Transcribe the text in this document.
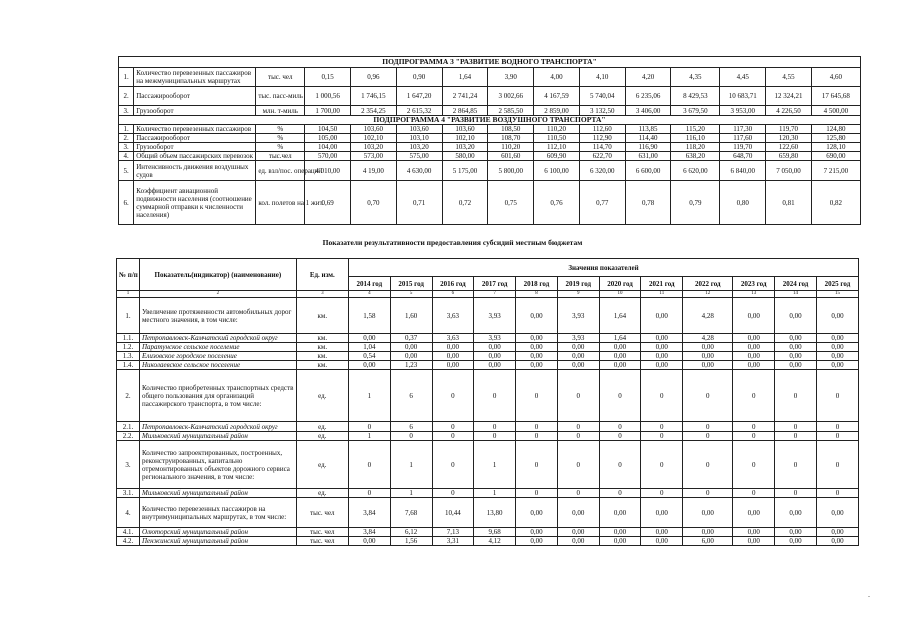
ПОДПРОГРАММА 3 "РАЗВИТИЕ ВОДНОГО ТРАНСПОРТА"														
1.	Количество перевезенных пассажиров на межмуниципальных маршрутах	тыс. чел	0,15	0,96	0,90	1,64	3,90	4,00	4,10	4,20	4,35	4,45	4,55	4,60
2.	Пассажирооборот	тыс. пасс-миль	1 000,56	1 746,15	1 647,20	2 741,24	3 002,66	4 167,59	5 740,04	6 235,06	8 429,53	10 683,71	12 324,21	17 645,68
3.	Грузооборот	млн. т-миль	1 700,00	2 354,25	2 615,32	2 864,85	2 585,50	2 859,00	3 132,50	3 406,00	3 679,50	3 953,00	4 226,50	4 500,00
ПОДПРОГРАММА 4 "РАЗВИТИЕ ВОЗДУШНОГО ТРАНСПОРТА"														
1.	Количество перевезенных пассажиров	%	104,50	103,60	103,60	103,60	108,50	110,20	112,60	113,85	115,20	117,30	119,70	124,80
2.	Пассажирооборот	%	105,00	102,10	103,10	102,10	108,70	110,50	112,90	114,40	116,10	117,60	120,30	125,80
3.	Грузооборот	%	104,00	103,20	103,20	103,20	110,20	112,10	114,70	116,90	118,20	119,70	122,60	128,10
4.	Общий объем пассажирских перевозок	тыс.чел	570,00	573,00	575,00	580,00	601,60	609,90	622,70	631,00	638,20	648,70	659,80	690,00
5.	Интенсивность движения воздушных судов	ед. взл/пос. операций	4 010,00	4 19,00	4 630,00	5 175,00	5 800,00	6 100,00	6 320,00	6 600,00	6 620,00	6 840,00	7 050,00	7 215,00
6.	Коэффициент авиационной подвижности населения (соотношение суммарной отправки к численности населения)	кол. полетов на 1 жит.	0,69	0,70	0,71	0,72	0,75	0,76	0,77	0,78	0,79	0,80	0,81	0,82
Показатели результативности предоставления субсидий местным бюджетам
№ п/п	Показатель(индикатор) (наименование)	Ед. изм.	Значения показателей											
			2014 год	2015 год	2016 год	2017 год	2018 год	2019 год	2020 год	2021 год	2022 год	2023 год	2024 год	2025 год
1	2	3	4	5	6	7	8	9	10	11	12	13	14	15
1.	Увеличение протяженности автомобильных дорог местного значения, в том числе:	км.	1,58	1,60	3,63	3,93	0,00	3,93	1,64	0,00	4,28	0,00	0,00	0,00
1.1.	Петропавловск-Камчатский городской округ	км.	0,00	0,37	3,63	3,93	0,00	3,93	1,64	0,00	4,28	0,00	0,00	0,00
1.2.	Паратунское сельское поселение	км.	1,04	0,00	0,00	0,00	0,00	0,00	0,00	0,00	0,00	0,00	0,00	0,00
1.3.	Елизовское городское поселение	км.	0,54	0,00	0,00	0,00	0,00	0,00	0,00	0,00	0,00	0,00	0,00	0,00
1.4.	Николаевское сельское поселение	км.	0,00	1,23	0,00	0,00	0,00	0,00	0,00	0,00	0,00	0,00	0,00	0,00
2.	Количество приобретенных транспортных средств общего пользования для организаций пассажирского транспорта, в том числе:	ед.	1	6	0	0	0	0	0	0	0	0	0	0
2.1.	Петропавловск-Камчатский городской округ	ед.	0	6	0	0	0	0	0	0	0	0	0	0
2.2.	Мильковский муниципальный район	ед.	1	0	0	0	0	0	0	0	0	0	0	0
3.	Количество запроектированных, построенных, реконструированных, капитально отремонтированных объектов дорожного сервиса регионального значения, в том числе:	ед.	0	1	0	1	0	0	0	0	0	0	0	0
3.1.	Мильковский муниципальный район	ед.	0	1	0	1	0	0	0	0	0	0	0	0
4.	Количество перевезенных пассажиров на внутримуниципальных маршрутах, в том числе:	тыс. чел	3,84	7,68	10,44	13,80	0,00	0,00	0,00	0,00	0,00	0,00	0,00	0,00
4.1.	Олюторский муниципальный район	тыс. чел	3,84	6,12	7,13	9,68	0,00	0,00	0,00	0,00	0,00	0,00	0,00	0,00
4.2.	Пенжинский муниципальный район	тыс. чел	0,00	1,56	3,31	4,12	0,00	0,00	0,00	0,00	6,00	0,00	0,00	0,00
.
